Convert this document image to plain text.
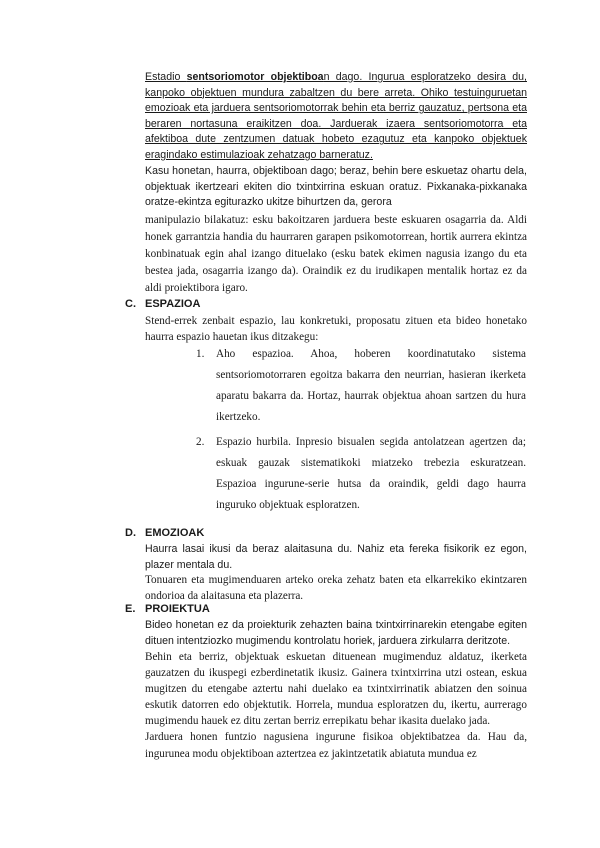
Estadio sentsoriomotor objektiboan dago. Ingurua esploratzeko desira du, kanpoko objektuen mundura zabaltzen du bere arreta. Ohiko testuinguruetan emozioak eta jarduera sentsoriomotorrak behin eta berriz gauzatuz, pertsona eta beraren nortasuna eraikitzen doa. Jarduerak izaera sentsoriomotorra eta afektiboa dute zentzumen datuak hobeto ezagutuz eta kanpoko objektuek eragindako estimulazioak zehatzago barneratuz.

Kasu honetan, haurra, objektiboan dago; beraz, behin bere eskuetaz ohartu dela, objektuak ikertzeari ekiten dio txintxirrina eskuan oratuz. Pixkanaka-pixkanaka oratze-ekintza egiturazko ukitze bihurtzen da, gerora

manipulazio bilakatuz: esku bakoitzaren jarduera beste eskuaren osagarria da. Aldi honek garrantzia handia du haurraren garapen psikomotorrean, hortik aurrera ekintza konbinatuak egin ahal izango dituelako (esku batek ekimen nagusia izango du eta bestea jada, osagarria izango da). Oraindik ez du irudikapen mentalik hortaz ez da aldi proiektibora igaro.

C. ESPAZIOA

Stend-errek zenbait espazio, lau konkretuki, proposatu zituen eta bideo honetako haurra espazio hauetan ikus ditzakegu:

1. Aho espazioa. Ahoa, hoberen koordinatutako sistema sentsoriomotorraren egoitza bakarra den neurrian, hasieran ikerketa aparatu bakarra da. Hortaz, haurrak objektua ahoan sartzen du hura ikertzeko.
2. Espazio hurbila. Inpresio bisualen segida antolatzean agertzen da; eskuak gauzak sistematikoki miatzeko trebezia eskuratzean. Espazioa ingurune-serie hutsa da oraindik, geldi dago haurra inguruko objektuak esploratzen.
D. EMOZIOAK

Haurra lasai ikusi da beraz alaitasuna du. Nahiz eta fereka fisikorik ez egon, plazer mentala du.

Tonuaren eta mugimenduaren arteko oreka zehatz baten eta elkarrekiko ekintzaren ondorioa da alaitasuna eta plazerra.

E. PROIEKTUA

Bideo honetan ez da proiekturik zehazten baina txintxirrinarekin etengabe egiten dituen intentziozko mugimendu kontrolatu horiek, jarduera zirkularra deritzote.

Behin eta berriz, objektuak eskuetan dituenean mugimenduz aldatuz, ikerketa gauzatzen du ikuspegi ezberdinetatik ikusiz. Gainera txintxirrina utzi ostean, eskua mugitzen du etengabe aztertu nahi duelako ea txintxirrinatik abiatzen den soinua eskutik datorren edo objektutik. Horrela, mundua esploratzen du, ikertu, aurrerago mugimendu hauek ez ditu zertan berriz errepikatu behar ikasita duelako jada.

Jarduera honen funtzio nagusiena ingurune fisikoa objektibatzea da. Hau da, ingurunea modu objektiboan aztertzea ez jakintzetatik abiatuta mundua ez
